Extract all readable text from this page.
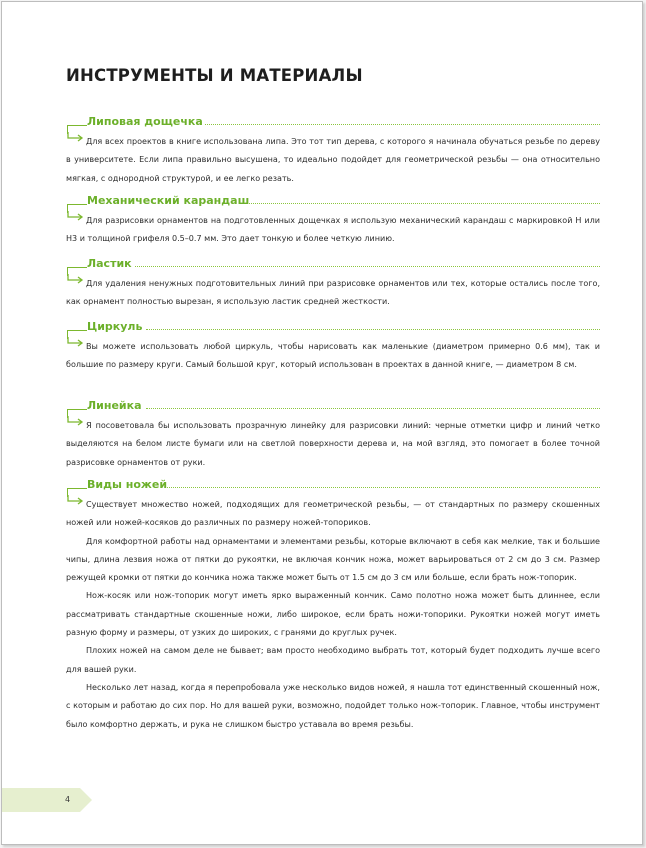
ИНСТРУМЕНТЫ И МАТЕРИАЛЫ
Липовая дощечка

Для всех проектов в книге использована липа. Это тот тип дерева, с которого я начинала обучаться резьбе по дереву в университете. Если липа правильно высушена, то идеально подойдет для геометрической резьбы — она относительно мягкая, с однородной структурой, и ее легко резать.

Механический карандаш

Для разрисовки орнаментов на подготовленных дощечках я использую механический карандаш с маркировкой H или H3 и толщиной грифеля 0.5–0.7 мм. Это дает тонкую и более четкую линию.

Ластик

Для удаления ненужных подготовительных линий при разрисовке орнаментов или тех, которые остались после того, как орнамент полностью вырезан, я использую ластик средней жесткости.

Циркуль

Вы можете использовать любой циркуль, чтобы нарисовать как маленькие (диаметром примерно 0.6 мм), так и большие по размеру круги. Самый большой круг, который использован в проектах в данной книге, — диаметром 8 см.

Линейка

Я посоветовала бы использовать прозрачную линейку для разрисовки линий: черные отметки цифр и линий четко выделяются на белом листе бумаги или на светлой поверхности дерева и, на мой взгляд, это помогает в более точной разрисовке орнаментов от руки.

Виды ножей

Существует множество ножей, подходящих для геометрической резьбы, — от стандартных по размеру скошенных ножей или ножей-косяков до различных по размеру ножей-топориков.

Для комфортной работы над орнаментами и элементами резьбы, которые включают в себя как мелкие, так и большие чипы, длина лезвия ножа от пятки до рукоятки, не включая кончик ножа, может варьироваться от 2 см до 3 см. Размер режущей кромки от пятки до кончика ножа также может быть от 1.5 см до 3 см или больше, если брать нож-топорик.

Нож-косяк или нож-топорик могут иметь ярко выраженный кончик. Само полотно ножа может быть длиннее, если рассматривать стандартные скошенные ножи, либо широкое, если брать ножи-топорики. Рукоятки ножей могут иметь разную форму и размеры, от узких до широких, с гранями до круглых ручек.

Плохих ножей на самом деле не бывает; вам просто необходимо выбрать тот, который будет подходить лучше всего для вашей руки.

Несколько лет назад, когда я перепробовала уже несколько видов ножей, я нашла тот единственный скошенный нож, с которым и работаю до сих пор. Но для вашей руки, возможно, подойдет только нож-топорик. Главное, чтобы инструмент было комфортно держать, и рука не слишком быстро уставала во время резьбы.

4
